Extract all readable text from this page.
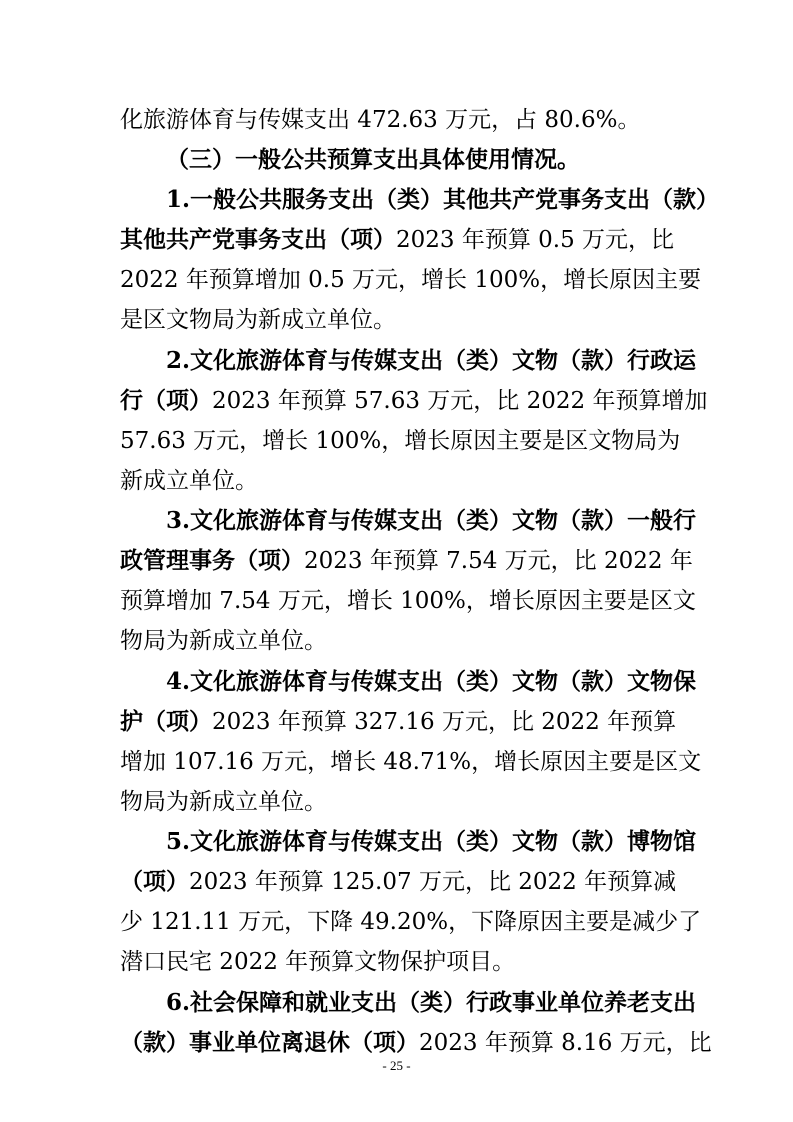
化旅游体育与传媒支出 472.63 万元，占 80.6%。
（三）一般公共预算支出具体使用情况。
1.一般公共服务支出（类）其他共产党事务支出（款）
其他共产党事务支出（项）2023 年预算 0.5 万元，比
2022 年预算增加 0.5 万元，增长 100%，增长原因主要
是区文物局为新成立单位。
2.文化旅游体育与传媒支出（类）文物（款）行政运
行（项）2023 年预算 57.63 万元，比 2022 年预算增加
57.63 万元，增长 100%，增长原因主要是区文物局为
新成立单位。
3.文化旅游体育与传媒支出（类）文物（款）一般行
政管理事务（项）2023 年预算 7.54 万元，比 2022 年
预算增加 7.54 万元，增长 100%，增长原因主要是区文
物局为新成立单位。
4.文化旅游体育与传媒支出（类）文物（款）文物保
护（项）2023 年预算 327.16 万元，比 2022 年预算
增加 107.16 万元，增长 48.71%，增长原因主要是区文
物局为新成立单位。
5.文化旅游体育与传媒支出（类）文物（款）博物馆
（项）2023 年预算 125.07 万元，比 2022 年预算减
少 121.11 万元，下降 49.20%，下降原因主要是减少了
潜口民宅 2022 年预算文物保护项目。
6.社会保障和就业支出（类）行政事业单位养老支出
（款）事业单位离退休（项）2023 年预算 8.16 万元，比
- 25 -
